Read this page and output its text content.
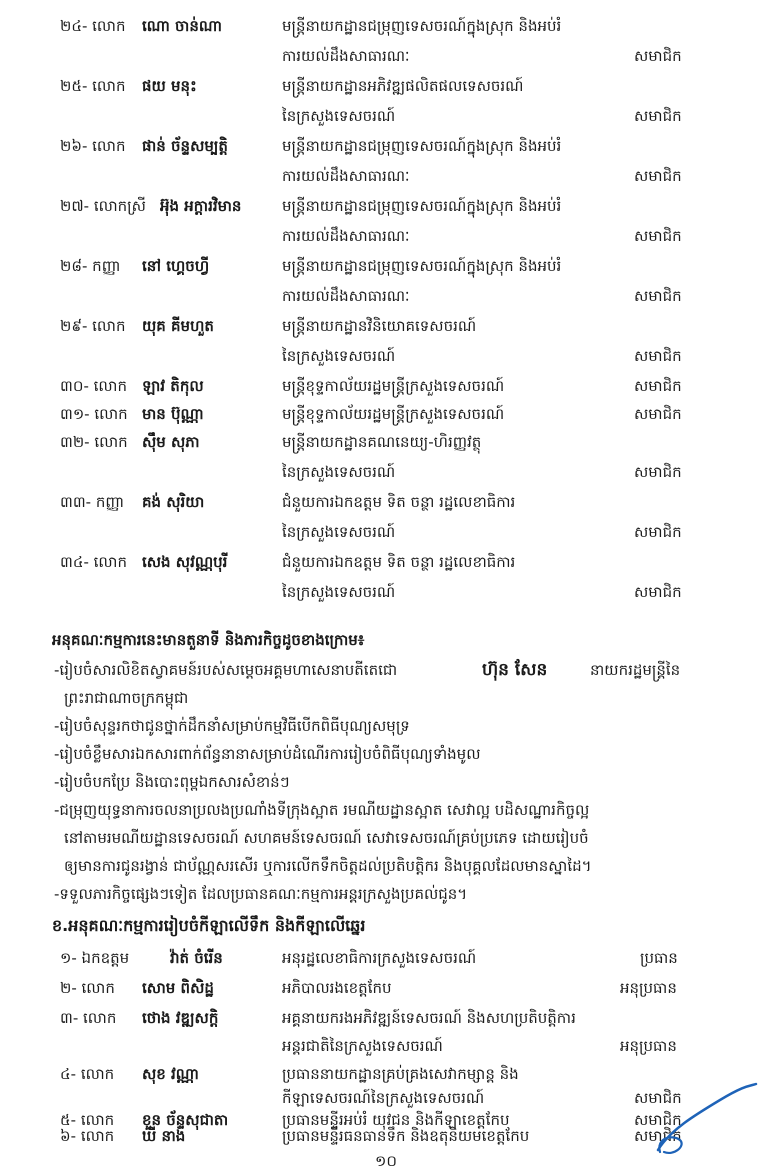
២៤- លោក ណោ ចាន់ណា	មន្ត្រីនាយកដ្ឋានជម្រុញទេសចរណ៍ក្នុងស្រុក និងអប់រំ
ការយល់ដឹងសាធារណៈ	សមាជិក
២៥- លោក ផយ មនុះ	មន្ត្រីនាយកដ្ឋានអភិវឌ្ឍផលិតផលទេសចរណ៍
នៃក្រសួងទេសចរណ៍	សមាជិក
២៦- លោក ផាន់ ច័ន្ទសម្បត្តិ	មន្ត្រីនាយកដ្ឋានជម្រុញទេសចរណ៍ក្នុងស្រុក និងអប់រំ
ការយល់ដឹងសាធារណៈ	សមាជិក
២៧- លោកស្រី អ៊ុង អក្តារវិមាន	មន្ត្រីនាយកដ្ឋានជម្រុញទេសចរណ៍ក្នុងស្រុក និងអប់រំ
ការយល់ដឹងសាធារណៈ	សមាជិក
២៨- កញ្ញា នៅ ហ្គេចហ្វី	មន្ត្រីនាយកដ្ឋានជម្រុញទេសចរណ៍ក្នុងស្រុក និងអប់រំ
ការយល់ដឹងសាធារណៈ	សមាជិក
២៩- លោក យុគ គីមហួត	មន្ត្រីនាយកដ្ឋានវិនិយោគទេសចរណ៍
នៃក្រសួងទេសចរណ៍	សមាជិក
៣០- លោក ឡាវ តិកុល	មន្ត្រីខុទ្ទកាល័យរដ្ឋមន្ត្រីក្រសួងទេសចរណ៍	សមាជិក
៣១- លោក មាន ប៊ុណ្ណា	មន្ត្រីខុទ្ទកាល័យរដ្ឋមន្ត្រីក្រសួងទេសចរណ៍	សមាជិក
៣២- លោក ស៊ឹម សុភា	មន្ត្រីនាយកដ្ឋានគណនេយ្យ-ហិរញ្ញវត្ថុ
នៃក្រសួងទេសចរណ៍	សមាជិក
៣៣- កញ្ញា គង់ សុរិយា	ជំនួយការឯកឧត្តម ទិត ចន្ថា រដ្ឋលេខាធិការ
នៃក្រសួងទេសចរណ៍	សមាជិក
៣៤- លោក សេង សុវណ្ណបុរី	ជំនួយការឯកឧត្តម ទិត ចន្ថា រដ្ឋលេខាធិការ
នៃក្រសួងទេសចរណ៍	សមាជិក
អនុគណៈកម្មការនេះមានតួនាទី និងភារកិច្ចដូចខាងក្រោម៖
-រៀបចំសារលិខិតស្វាគមន៍របស់សម្តេចអគ្គមហាសេនាបតីតេជោ	ហ៊ុន សែន	នាយករដ្ឋមន្ត្រីនៃ
ព្រះរាជាណាចក្រកម្ពុជា
-រៀបចំសុន្ទរកថាជូនថ្នាក់ដឹកនាំសម្រាប់កម្មវិធីបើកពិធីបុណ្យសមុទ្រ
-រៀបចំខ្លឹមសារឯកសារពាក់ព័ន្ធនានាសម្រាប់ដំណើរការរៀបចំពិធីបុណ្យទាំងមូល
-រៀបចំបកប្រែ និងបោះពុម្ពឯកសារសំខាន់ៗ
-ជម្រុញយុទ្ធនាការចលនាប្រលងប្រណាំងទីក្រុងស្អាត រមណីយដ្ឋានស្អាត សេវាល្អ បដិសណ្ឋារកិច្ចល្អ
នៅតាមរមណីយដ្ឋានទេសចរណ៍ សហគមន៍ទេសចរណ៍ សេវាទេសចរណ៍គ្រប់ប្រភេទ ដោយរៀបចំ
ឲ្យមានការជូនរង្វាន់ ជាប័ណ្ណសរសើរ ឬការលើកទឹកចិត្តដល់ប្រតិបត្តិករ និងបុគ្គលដែលមានស្នាដៃ។
-ទទួលភារកិច្ចផ្សេងៗទៀត ដែលប្រធានគណៈកម្មការអន្តរក្រសួងប្រគល់ជូន។
ខ.អនុគណៈកម្មការរៀបចំកីឡាលើទឹក និងកីឡាលើឆ្នេរ
១- ឯកឧត្តម	វ៉ាត់ ចំរើន	អនុរដ្ឋលេខាធិការក្រសួងទេសចរណ៍	ប្រធាន
២- លោក សោម ពិសិដ្ឋ	អភិបាលរងខេត្តកែប	អនុប្រធាន
៣- លោក ថោង វឌ្ឍសក្តិ	អគ្គនាយករងអភិវឌ្ឍន៍ទេសចរណ៍ និងសហប្រតិបត្តិការ
អន្តរជាតិនៃក្រសួងទេសចរណ៍	អនុប្រធាន
៤- លោក សុខ វណ្ណា	ប្រធាននាយកដ្ឋានគ្រប់គ្រងសេវាកម្សាន្ត និង
កីឡាទេសចរណ៍នៃក្រសួងទេសចរណ៍	សមាជិក
៥- លោក ខួន ច័ន្ទសុជាតា	ប្រធានមន្ទីរអប់រំ យុវជន និងកីឡាខេត្តកែប	សមាជិក
៦- លោក ឃី នាង	ប្រធានមន្ទីរធនធានទឹក និងឧតុនិយមខេត្តកែប	សមាជិក
១០
